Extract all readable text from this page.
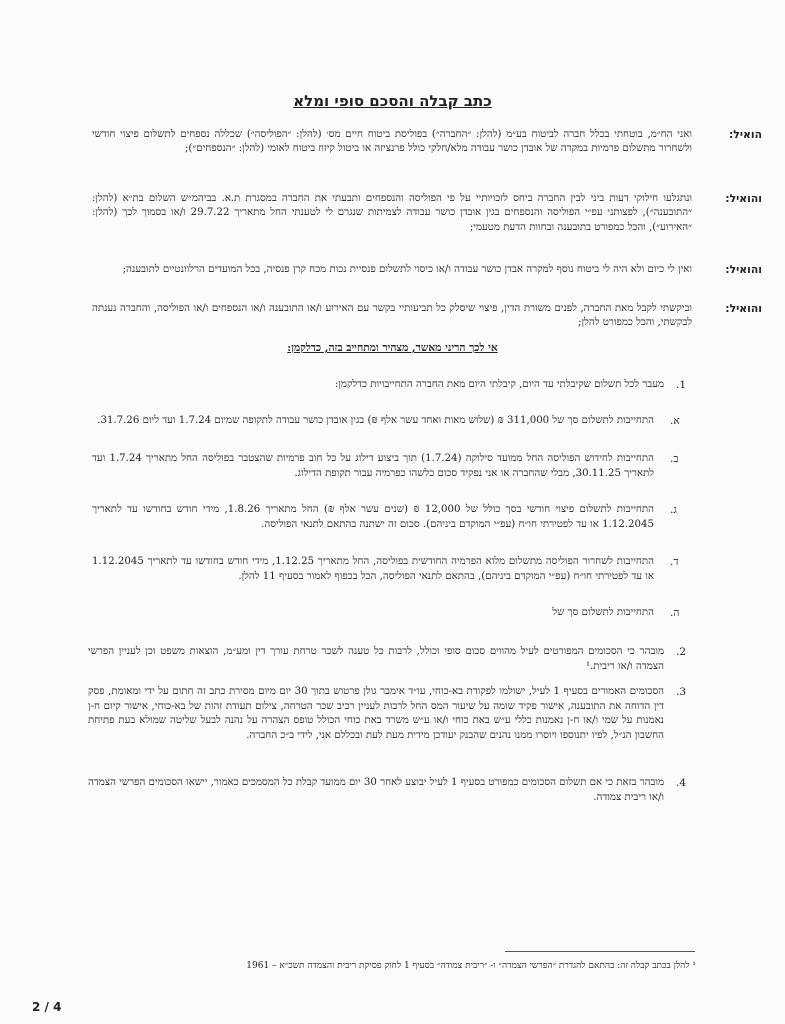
כתב קבלה והסכם סופי ומלא
הואיל:
ואני הח״מ, בוטחתי בכלל חברה לביטוח בע״מ (להלן: ״החברה״) בפוליסת ביטוח חיים מס׳ (להלן: ״הפוליסה״) שכללה נספחים לתשלום פיצוי חודשי ולשחרור מתשלום פרמיות במקרה של אובדן כושר עבודה מלא/חלקי כולל פרנציזה או ביטול קיזוז ביטוח לאומי (להלן: ״הנספחים״);
והואיל:
ונתגלעו חילוקי דעות ביני לבין החברה ביחס לזכויותיי על פי הפוליסה והנספחים ותבעתי את החברה במסגרת ת.א. בביהמ״ש השלום בת״א (להלן: ״התובענה״), לפצותני עפ״י הפוליסה והנספחים בגין אובדן כושר עבודה לצמיתות שנגרם לי לטענתי החל מתאריך 29.7.22 ו/או בסמוך לכך (להלן: ״האירוע״), והכל כמפורט בתובענה ובחוות הדעת מטעמי;
והואיל:
ואין לי כיום ולא היה לי ביטוח נוסף למקרה אבדן כושר עבודה ו/או כיסוי לתשלום פנסיית נכות מכח קרן פנסיה, בכל המועדים הרלוונטיים לתובענה;
והואיל:
וביקשתי לקבל מאת החברה, לפנים משורת הדין, פיצוי שיסלק כל תביעותיי בקשר עם האירוע ו/או התובענה ו/או הנספחים ו/או הפוליסה, והחברה נענתה לבקשתי, והכל כמפורט להלן;
אי לכך הריני מאשר, מצהיר ומתחייב בזה, כדלקמן:
1.
מעבר לכל תשלום שקיבלתי עד היום, קיבלתי היום מאת החברה התחייבויות כדלקמן:
א.
התחייבות לתשלום סך של 311,000 ₪ (שלוש מאות ואחד עשר אלף ₪) בגין אובדן כושר עבודה לתקופה שמיום 1.7.24 ועד ליום 31.7.26.
ב.
התחייבות לחידוש הפוליסה החל ממועד סילוקה (1.7.24) תוך ביצוע דילוג על כל חוב פרמיות שהצטבר בפוליסה החל מתאריך 1.7.24 ועד לתאריך 30.11.25, מבלי שהחברה או אני נפקיד סכום כלשהו כפרמיה עבור תקופת הדילוג.
ג.
התחייבות לתשלום פיצוי חודשי בסך כולל של 12,000 ₪ (שנים עשר אלף ₪) החל מתאריך 1.8.26, מידי חודש בחודשו עד לתאריך 1.12.2045 או עד לפטירתי חו״ח (עפ״י המוקדם ביניהם). סכום זה ישתנה בהתאם לתנאי הפוליסה.
ד.
התחייבות לשחרור הפוליסה מתשלום מלוא הפרמיה החודשית בפוליסה, החל מתאריך 1.12.25, מידי חודש בחודשו עד לתאריך 1.12.2045 או עד לפטירתי חו״ח (עפ״י המוקדם ביניהם), בהתאם לתנאי הפוליסה, הכל בכפוף לאמור בסעיף 11 להלן.
ה.
התחייבות לתשלום סך של
2.
מובהר כי הסכומים המפורטים לעיל מהווים סכום סופי וכולל, לרבות כל טענה לשכר טרחת עורך דין ומע״מ, הוצאות משפט וכן לעניין הפרשי הצמדה ו/או ריבית.¹
3.
הסכומים האמורים בסעיף 1 לעיל, ישולמו לפקודת בא-כוחי, עו״ד אימבר גולן פרטוש בתוך 30 יום מיום מסירת כתב זה חתום על ידי ומאומת, פסק דין הדוחה את התובענה, אישור פקיד שומה על שיעור המס החל לרבות לעניין רכיב שכר הטרחה, צילום תעודת זהות של בא-כוחי, אישור קיום ח-ן נאמנות על שמי ו/או ח-ן נאמנות כללי ע״ש באת כוחי ו/או ע״ש משרד באת כוחי הכולל טופס הצהרה על נהנה לבעל שליטה שמולא בעת פתיחת החשבון הנ״ל, לפיו יתנוספו ויוסרו ממנו נהנים שהבנק יעודכן מידית מעת לעת ובכללם אני, לידי ב״כ החברה.
4.
מובהר בזאת כי אם תשלום הסכומים כמפורט בסעיף 1 לעיל יבוצע לאחר 30 יום ממועד קבלת כל המסמכים כאמור, יישאו הסכומים הפרשי הצמדה ו/או ריבית צמודה.
¹ להלן בכתב קבלה זה: בהתאם להגדרת ״הפרשי הצמדה״ ו- ״ריבית צמודה״ בסעיף 1 לחוק פסיקת ריבית והצמדה תשכ״א – 1961
2 / 4
